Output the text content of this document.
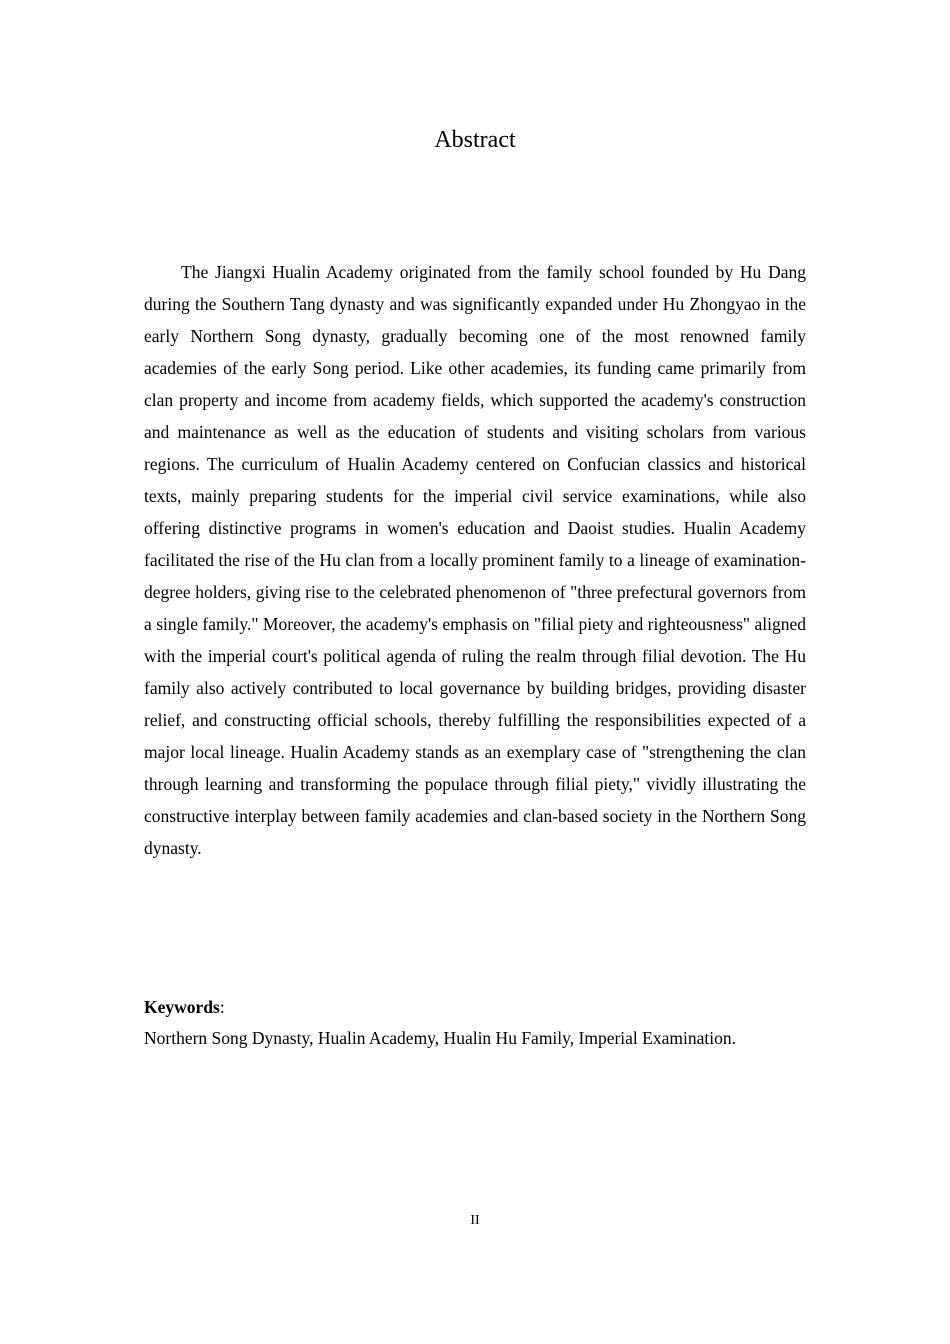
Abstract

The Jiangxi Hualin Academy originated from the family school founded by Hu Dang during the Southern Tang dynasty and was significantly expanded under Hu Zhongyao in the early Northern Song dynasty, gradually becoming one of the most renowned family academies of the early Song period. Like other academies, its funding came primarily from clan property and income from academy fields, which supported the academy's construction and maintenance as well as the education of students and visiting scholars from various regions. The curriculum of Hualin Academy centered on Confucian classics and historical texts, mainly preparing students for the imperial civil service examinations, while also offering distinctive programs in women's education and Daoist studies. Hualin Academy facilitated the rise of the Hu clan from a locally prominent family to a lineage of examination-degree holders, giving rise to the celebrated phenomenon of "three prefectural governors from a single family." Moreover, the academy's emphasis on "filial piety and righteousness" aligned with the imperial court's political agenda of ruling the realm through filial devotion. The Hu family also actively contributed to local governance by building bridges, providing disaster relief, and constructing official schools, thereby fulfilling the responsibilities expected of a major local lineage. Hualin Academy stands as an exemplary case of "strengthening the clan through learning and transforming the populace through filial piety," vividly illustrating the constructive interplay between family academies and clan-based society in the Northern Song dynasty.

Keywords:
Northern Song Dynasty, Hualin Academy, Hualin Hu Family, Imperial Examination.
II
